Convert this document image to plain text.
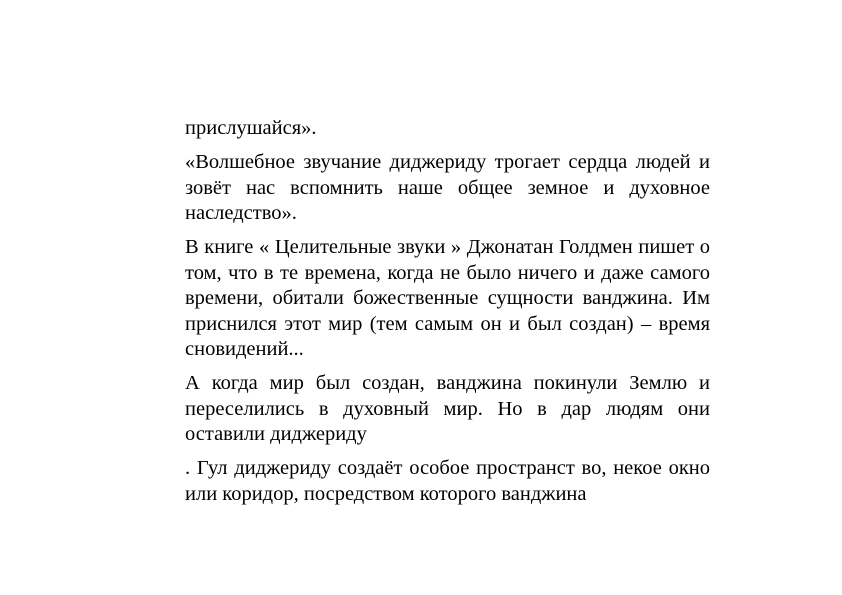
прислушайся».

«Волшебное звучание диджериду трогает сердца людей и зовёт нас вспомнить наше общее земное и духовное наследство».

В книге « Целительные звуки » Джонатан Голдмен пишет о том, что в те времена, когда не было ничего и даже самого времени, обитали божественные сущности ванджина. Им приснился этот мир (тем самым он и был создан) – время сновидений...

А когда мир был создан, ванджина покинули Землю и переселились в духовный мир. Но в дар людям они оставили диджериду

. Гул диджериду создаёт особое пространст во, некое окно или коридор, посредством которого ванджина
